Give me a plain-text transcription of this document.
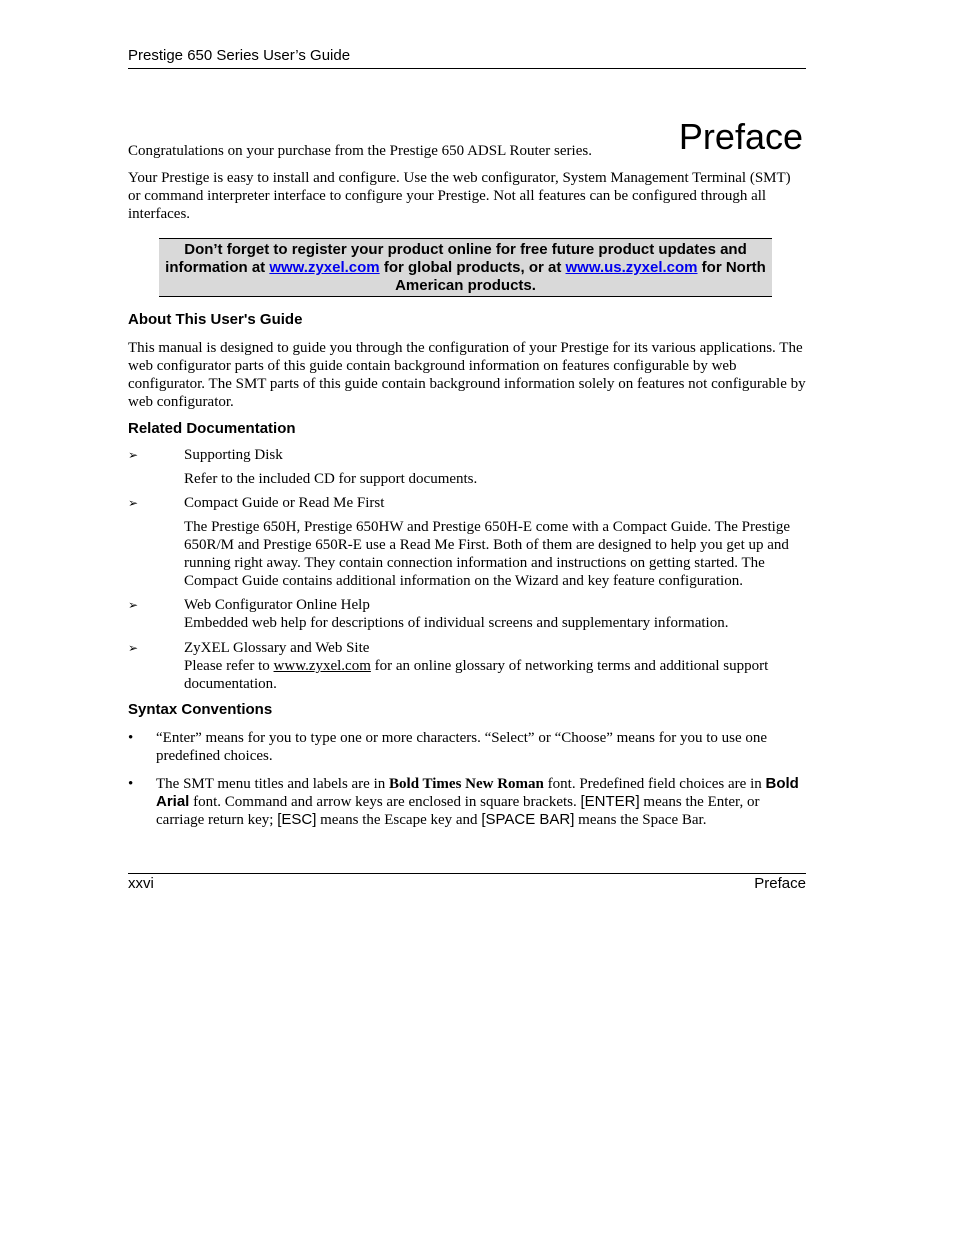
Prestige 650 Series User’s Guide
Preface

Congratulations on your purchase from the Prestige 650 ADSL Router series.

Your Prestige is easy to install and configure. Use the web configurator, System Management Terminal (SMT) or command interpreter interface to configure your Prestige. Not all features can be configured through all interfaces.

Don’t forget to register your product online for free future product updates and information at www.zyxel.com for global products, or at www.us.zyxel.com for North American products.
About This User's Guide

This manual is designed to guide you through the configuration of your Prestige for its various applications. The web configurator parts of this guide contain background information on features configurable by web configurator. The SMT parts of this guide contain background information solely on features not configurable by web configurator.

Related Documentation
➢	Supporting Disk
Refer to the included CD for support documents.
➢	Compact Guide or Read Me First
The Prestige 650H, Prestige 650HW and Prestige 650H-E come with a Compact Guide. The Prestige 650R/M and Prestige 650R-E use a Read Me First. Both of them are designed to help you get up and running right away. They contain connection information and instructions on getting started. The Compact Guide contains additional information on the Wizard and key feature configuration.
➢	Web Configurator Online Help
Embedded web help for descriptions of individual screens and supplementary information.
➢	ZyXEL Glossary and Web Site
Please refer to www.zyxel.com for an online glossary of networking terms and additional support documentation.
Syntax Conventions
• “Enter” means for you to type one or more characters. “Select” or “Choose” means for you to use one predefined choices.
• The SMT menu titles and labels are in Bold Times New Roman font. Predefined field choices are in Bold Arial font. Command and arrow keys are enclosed in square brackets. [ENTER] means the Enter, or carriage return key; [ESC] means the Escape key and [SPACE BAR] means the Space Bar.
xxvi	Preface
